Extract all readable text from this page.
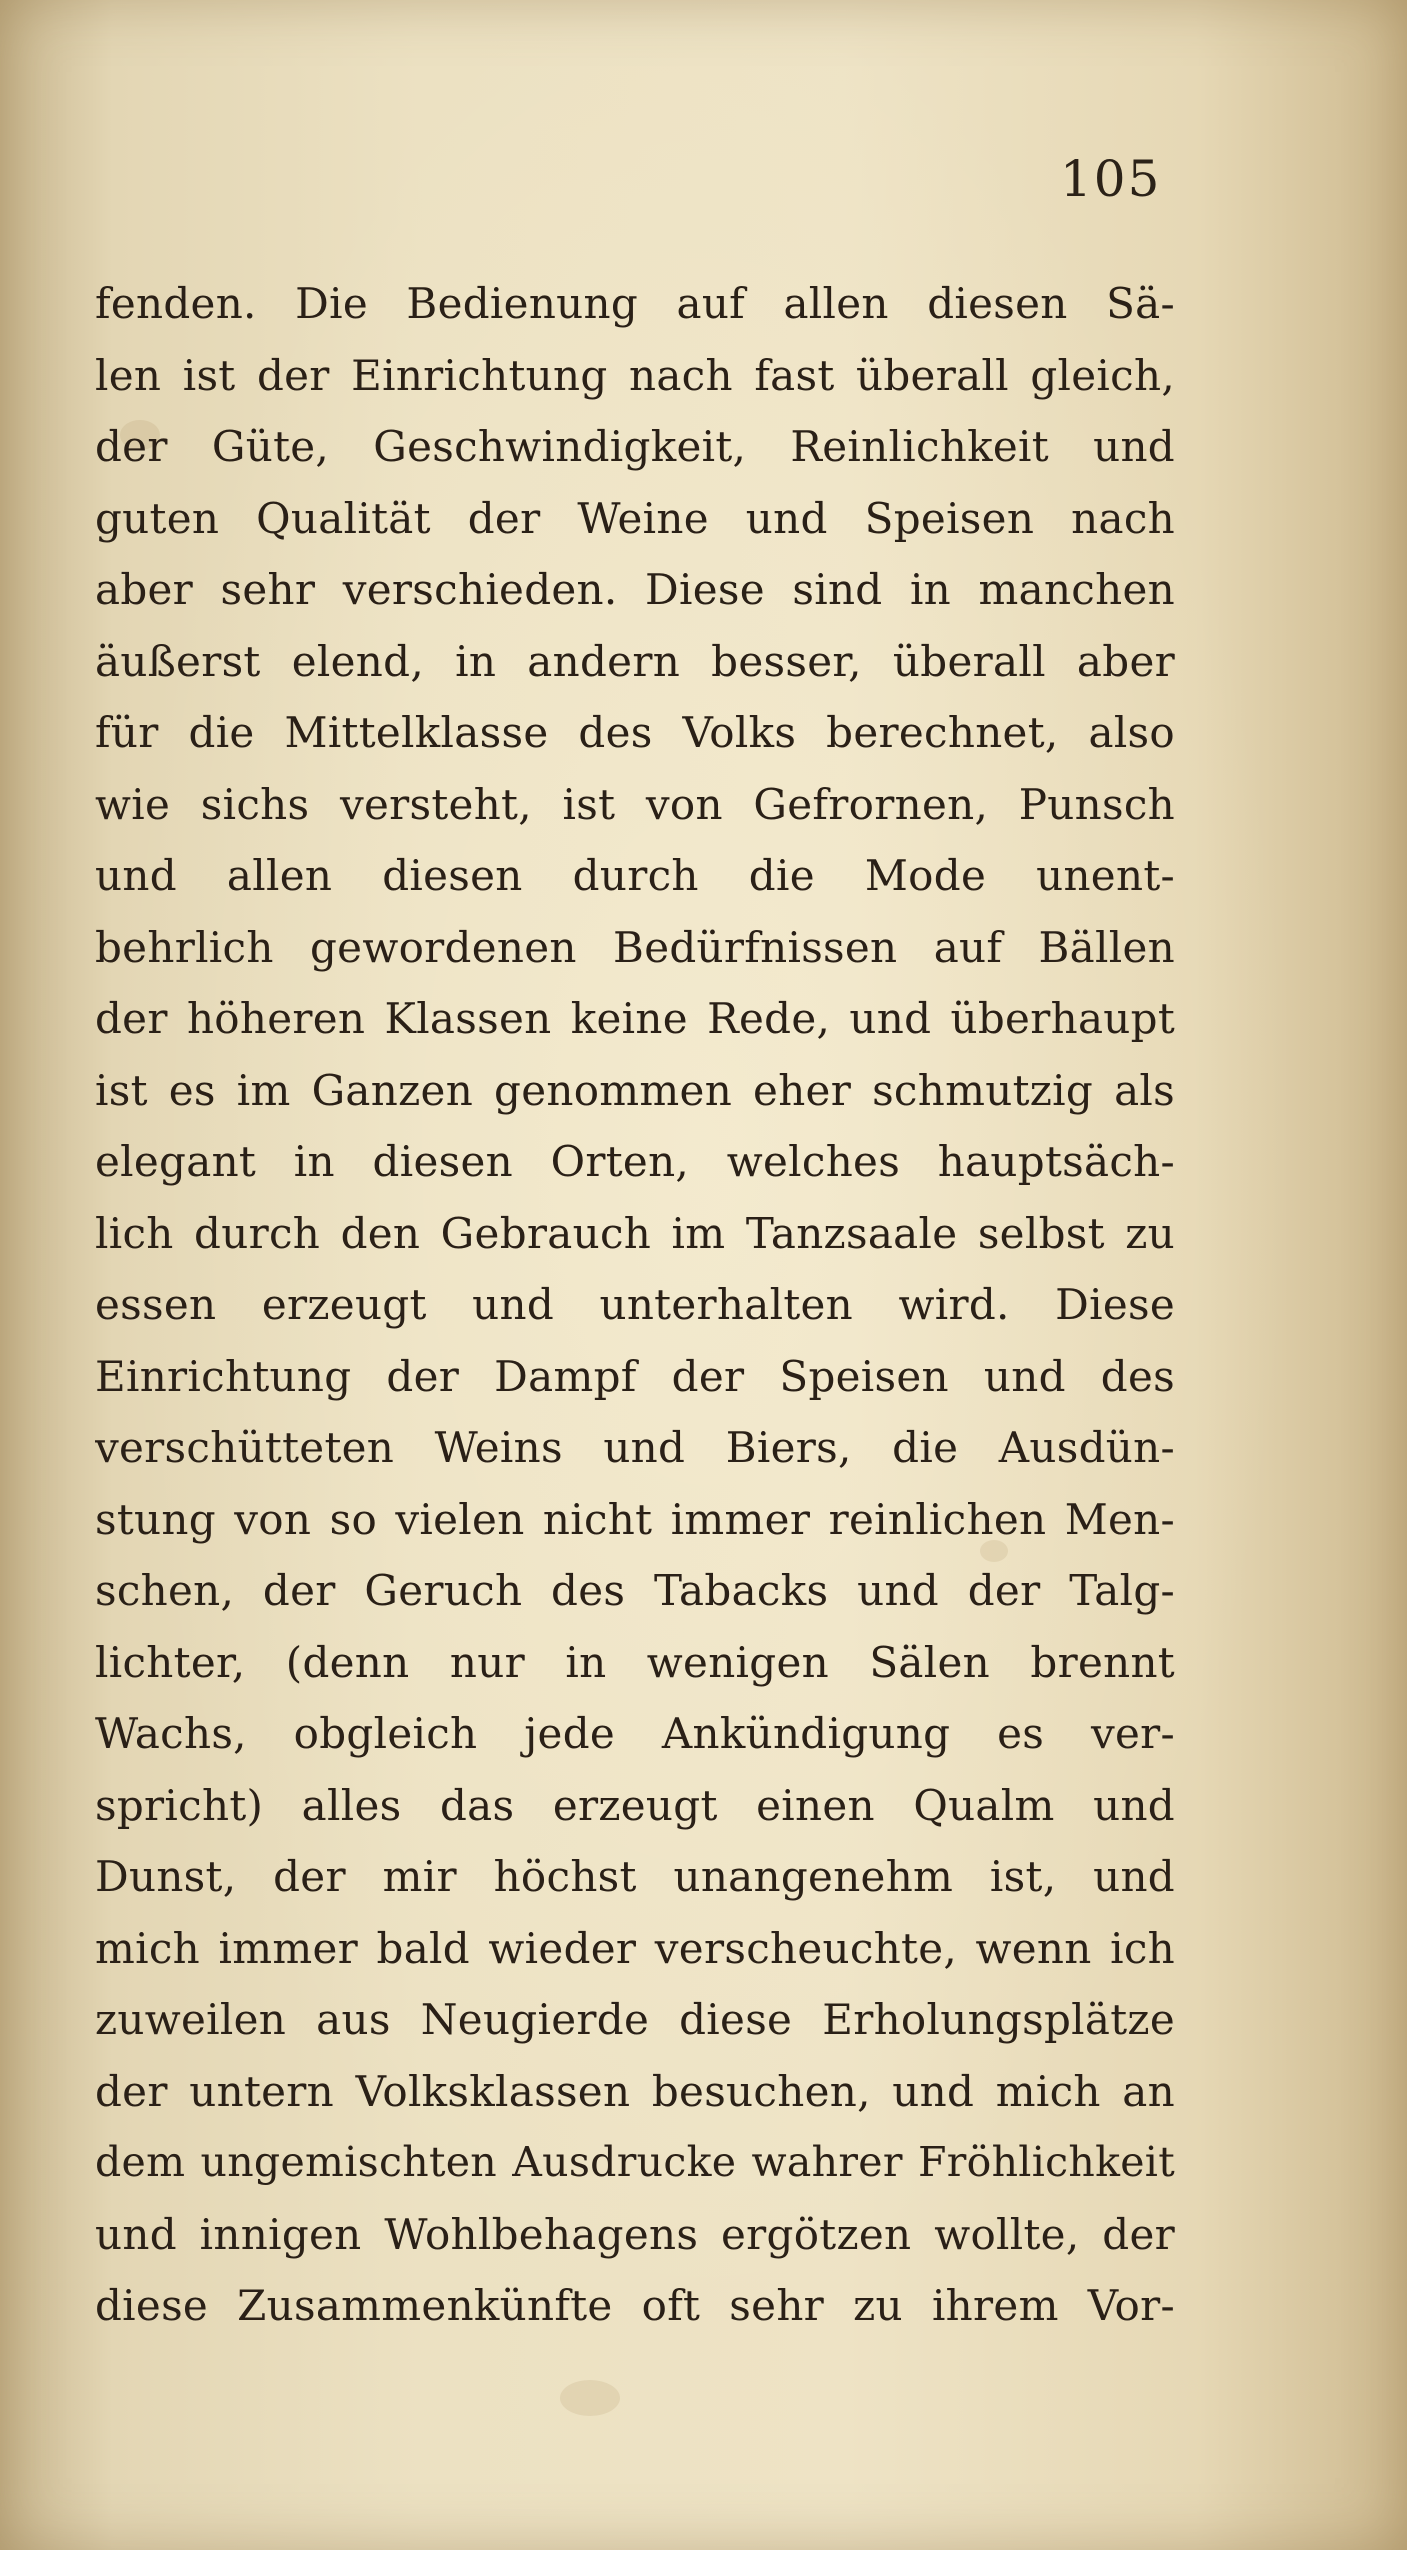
105
fenden. Die Bedienung auf allen diesen Sä-
len ist der Einrichtung nach fast überall gleich,
der Güte, Geschwindigkeit, Reinlichkeit und
guten Qualität der Weine und Speisen nach
aber sehr verschieden. Diese sind in manchen
äußerst elend, in andern besser, überall aber
für die Mittelklasse des Volks berechnet, also
wie sichs versteht, ist von Gefrornen, Punsch
und allen diesen durch die Mode unent-
behrlich gewordenen Bedürfnissen auf Bällen
der höheren Klassen keine Rede, und überhaupt
ist es im Ganzen genommen eher schmutzig als
elegant in diesen Orten, welches hauptsäch-
lich durch den Gebrauch im Tanzsaale selbst zu
essen erzeugt und unterhalten wird. Diese
Einrichtung der Dampf der Speisen und des
verschütteten Weins und Biers, die Ausdün-
stung von so vielen nicht immer reinlichen Men-
schen, der Geruch des Tabacks und der Talg-
lichter, (denn nur in wenigen Sälen brennt
Wachs, obgleich jede Ankündigung es ver-
spricht) alles das erzeugt einen Qualm und
Dunst, der mir höchst unangenehm ist, und
mich immer bald wieder verscheuchte, wenn ich
zuweilen aus Neugierde diese Erholungsplätze
der untern Volksklassen besuchen, und mich an
dem ungemischten Ausdrucke wahrer Fröhlichkeit
und innigen Wohlbehagens ergötzen wollte, der
diese Zusammenkünfte oft sehr zu ihrem Vor-
